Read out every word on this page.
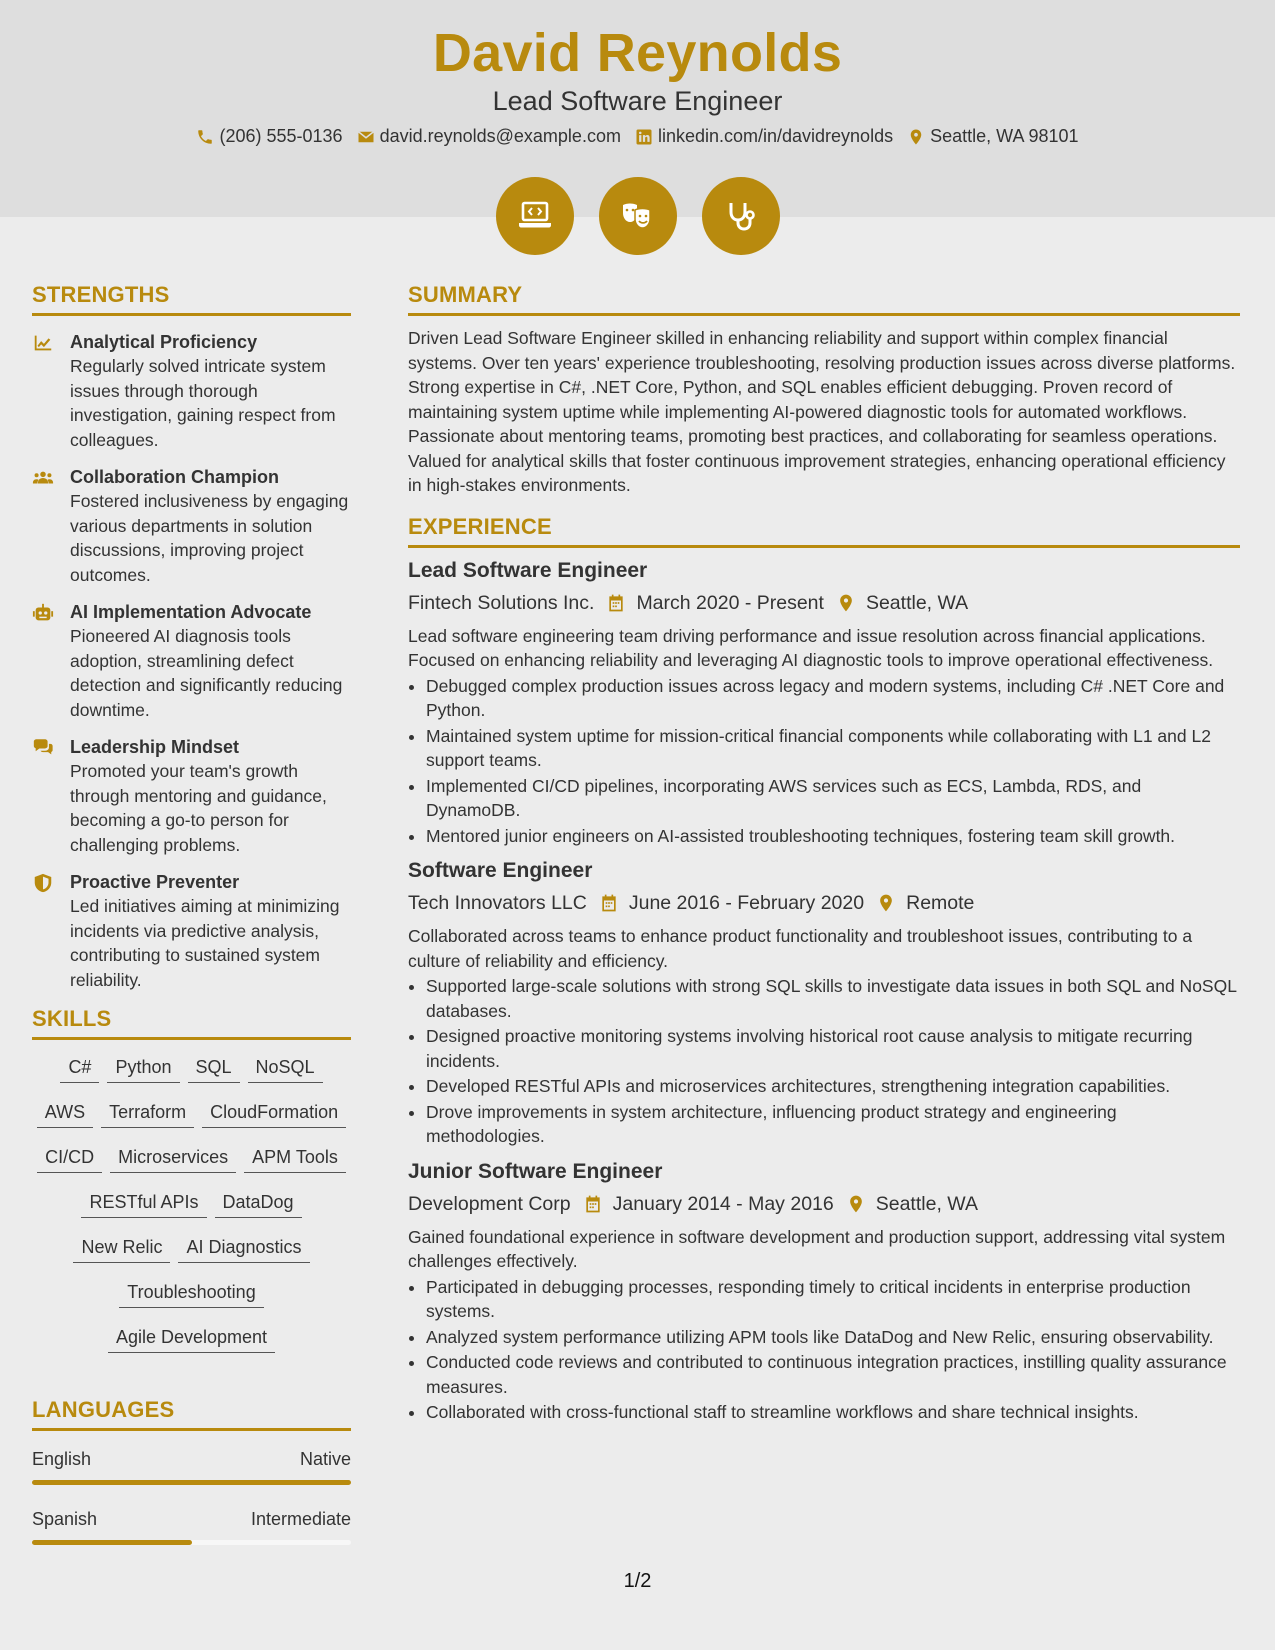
David Reynolds
Lead Software Engineer
(206) 555-0136 david.reynolds@example.com linkedin.com/in/davidreynolds Seattle, WA 98101
STRENGTHS
Analytical Proficiency
Regularly solved intricate system issues through thorough investigation, gaining respect from colleagues.
Collaboration Champion
Fostered inclusiveness by engaging various departments in solution discussions, improving project outcomes.
AI Implementation Advocate
Pioneered AI diagnosis tools adoption, streamlining defect detection and significantly reducing downtime.
Leadership Mindset
Promoted your team's growth through mentoring and guidance, becoming a go-to person for challenging problems.
Proactive Preventer
Led initiatives aiming at minimizing incidents via predictive analysis, contributing to sustained system reliability.
SKILLS
C#	Python	SQL	NoSQL
AWS	Terraform	CloudFormation
CI/CD	Microservices	APM Tools
RESTful APIs	DataDog
New Relic	AI Diagnostics
Troubleshooting
Agile Development
LANGUAGES
English	Native
Spanish	Intermediate
SUMMARY
Driven Lead Software Engineer skilled in enhancing reliability and support within complex financial systems. Over ten years' experience troubleshooting, resolving production issues across diverse platforms. Strong expertise in C#, .NET Core, Python, and SQL enables efficient debugging. Proven record of maintaining system uptime while implementing AI-powered diagnostic tools for automated workflows. Passionate about mentoring teams, promoting best practices, and collaborating for seamless operations. Valued for analytical skills that foster continuous improvement strategies, enhancing operational efficiency in high-stakes environments.
EXPERIENCE
Lead Software Engineer
Fintech Solutions Inc. March 2020 - Present Seattle, WA
Lead software engineering team driving performance and issue resolution across financial applications. Focused on enhancing reliability and leveraging AI diagnostic tools to improve operational effectiveness.
• Debugged complex production issues across legacy and modern systems, including C# .NET Core and Python.
• Maintained system uptime for mission-critical financial components while collaborating with L1 and L2 support teams.
• Implemented CI/CD pipelines, incorporating AWS services such as ECS, Lambda, RDS, and DynamoDB.
• Mentored junior engineers on AI-assisted troubleshooting techniques, fostering team skill growth.
Software Engineer
Tech Innovators LLC June 2016 - February 2020 Remote
Collaborated across teams to enhance product functionality and troubleshoot issues, contributing to a culture of reliability and efficiency.
• Supported large-scale solutions with strong SQL skills to investigate data issues in both SQL and NoSQL databases.
• Designed proactive monitoring systems involving historical root cause analysis to mitigate recurring incidents.
• Developed RESTful APIs and microservices architectures, strengthening integration capabilities.
• Drove improvements in system architecture, influencing product strategy and engineering methodologies.
Junior Software Engineer
Development Corp January 2014 - May 2016 Seattle, WA
Gained foundational experience in software development and production support, addressing vital system challenges effectively.
• Participated in debugging processes, responding timely to critical incidents in enterprise production systems.
• Analyzed system performance utilizing APM tools like DataDog and New Relic, ensuring observability.
• Conducted code reviews and contributed to continuous integration practices, instilling quality assurance measures.
• Collaborated with cross-functional staff to streamline workflows and share technical insights.
1/2
